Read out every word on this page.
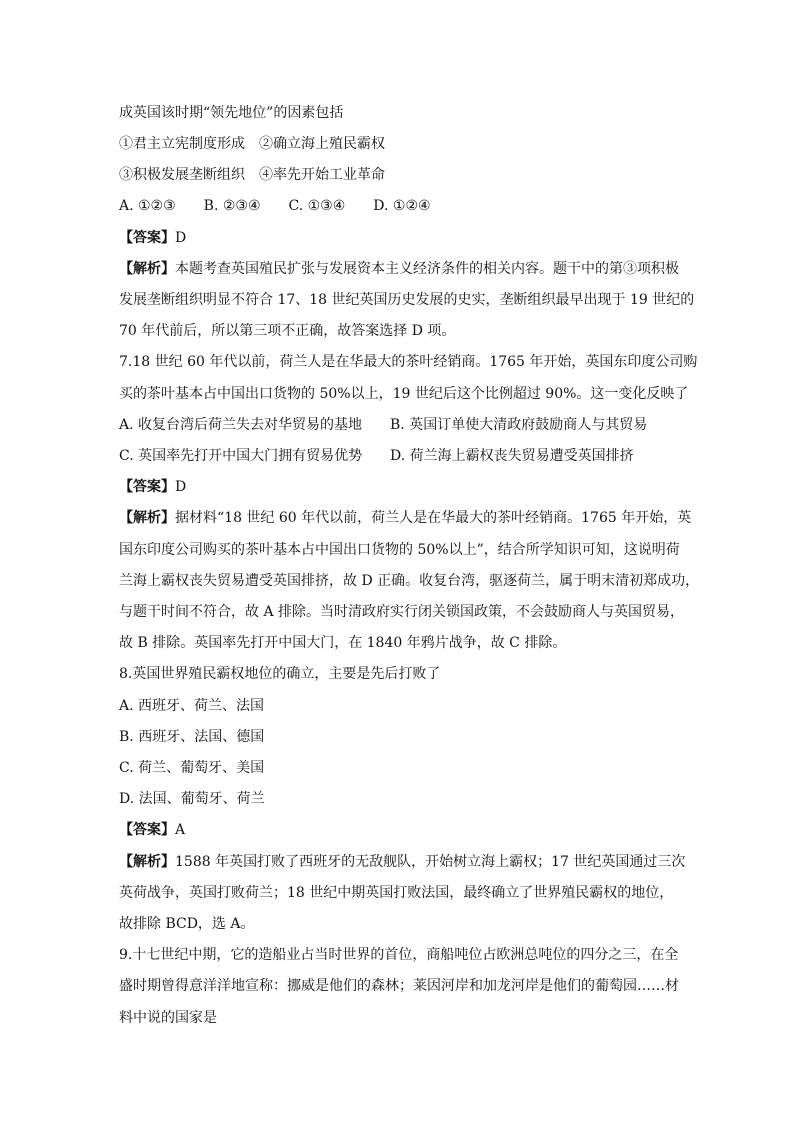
成英国该时期“领先地位”的因素包括
①君主立宪制度形成　②确立海上殖民霸权
③积极发展垄断组织　④率先开始工业革命
A. ①②③　　B. ②③④　　C. ①③④　　D. ①②④
【答案】D
【解析】本题考查英国殖民扩张与发展资本主义经济条件的相关内容。题干中的第③项积极
发展垄断组织明显不符合 17、18 世纪英国历史发展的史实，垄断组织最早出现于 19 世纪的
70 年代前后，所以第三项不正确，故答案选择 D 项。
7.18 世纪 60 年代以前，荷兰人是在华最大的茶叶经销商。1765 年开始，英国东印度公司购
买的茶叶基本占中国出口货物的 50%以上，19 世纪后这个比例超过 90%。这一变化反映了
A. 收复台湾后荷兰失去对华贸易的基地 B. 英国订单使大清政府鼓励商人与其贸易
C. 英国率先打开中国大门拥有贸易优势 D. 荷兰海上霸权丧失贸易遭受英国排挤
【答案】D
【解析】据材料“18 世纪 60 年代以前，荷兰人是在华最大的茶叶经销商。1765 年开始，英
国东印度公司购买的茶叶基本占中国出口货物的 50%以上”，结合所学知识可知，这说明荷
兰海上霸权丧失贸易遭受英国排挤，故 D 正确。收复台湾，驱逐荷兰，属于明末清初郑成功，
与题干时间不符合，故 A 排除。当时清政府实行闭关锁国政策，不会鼓励商人与英国贸易，
故 B 排除。英国率先打开中国大门，在 1840 年鸦片战争，故 C 排除。
8.英国世界殖民霸权地位的确立，主要是先后打败了
A. 西班牙、荷兰、法国
B. 西班牙、法国、德国
C. 荷兰、葡萄牙、美国
D. 法国、葡萄牙、荷兰
【答案】A
【解析】1588 年英国打败了西班牙的无敌舰队，开始树立海上霸权；17 世纪英国通过三次
英荷战争，英国打败荷兰；18 世纪中期英国打败法国，最终确立了世界殖民霸权的地位，
故排除 BCD，选 A。
9.十七世纪中期，它的造船业占当时世界的首位，商船吨位占欧洲总吨位的四分之三，在全
盛时期曾得意洋洋地宣称：挪威是他们的森林；莱因河岸和加龙河岸是他们的葡萄园……材
料中说的国家是
